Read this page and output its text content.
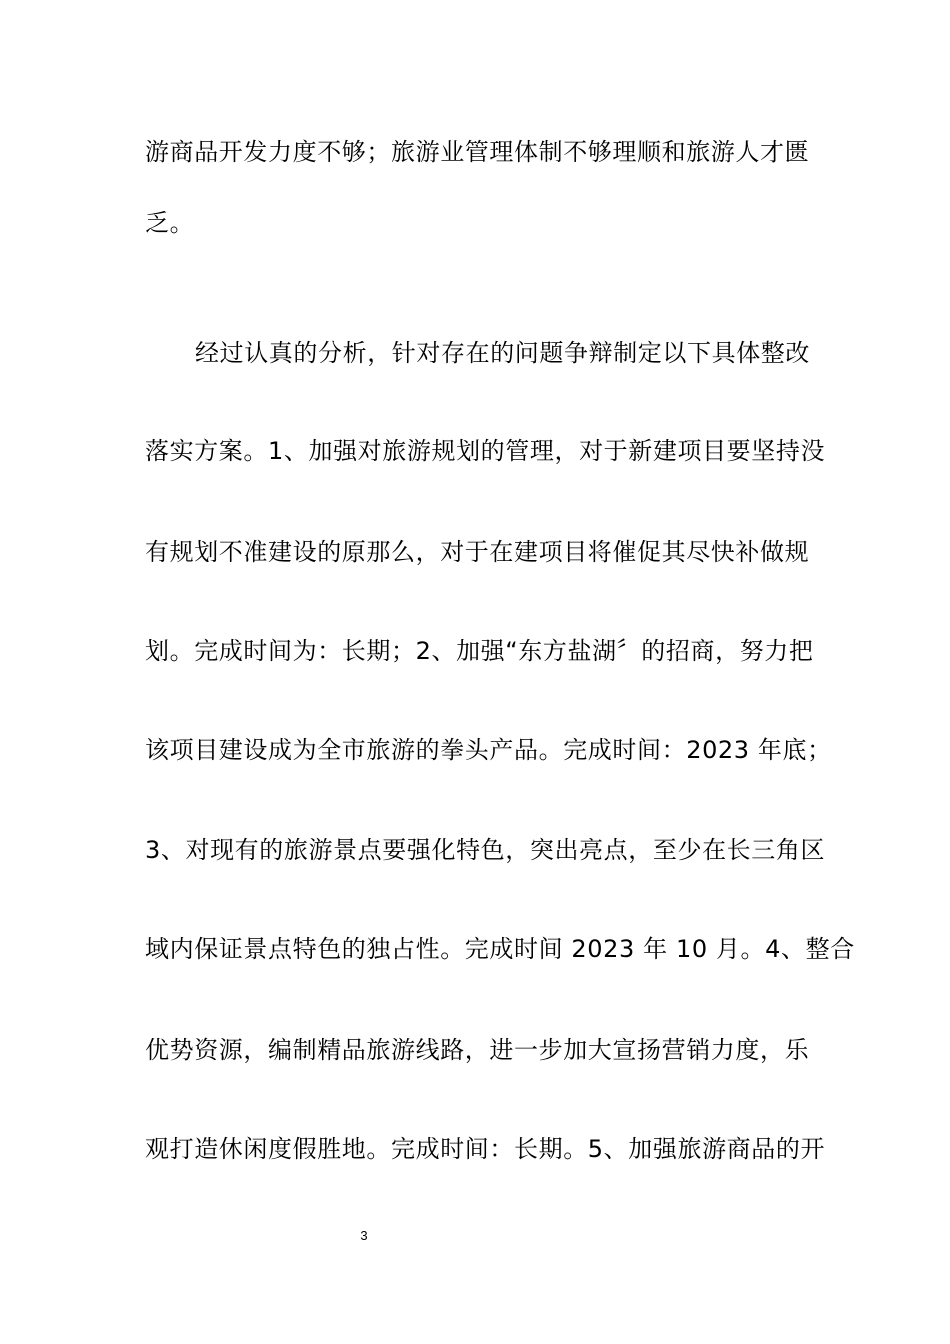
游商品开发力度不够；旅游业管理体制不够理顺和旅游人才匮
乏。
经过认真的分析，针对存在的问题争辩制定以下具体整改
落实方案。1、加强对旅游规划的管理，对于新建项目要坚持没
有规划不准建设的原那么，对于在建项目将催促其尽快补做规
划。完成时间为：长期；2、加强“东方盐湖〞的招商，努力把
该项目建设成为全市旅游的拳头产品。完成时间：2023 年底；
3、对现有的旅游景点要强化特色，突出亮点，至少在长三角区
域内保证景点特色的独占性。完成时间 2023 年 10 月。4、整合
优势资源，编制精品旅游线路，进一步加大宣扬营销力度，乐
观打造休闲度假胜地。完成时间：长期。5、加强旅游商品的开
3
